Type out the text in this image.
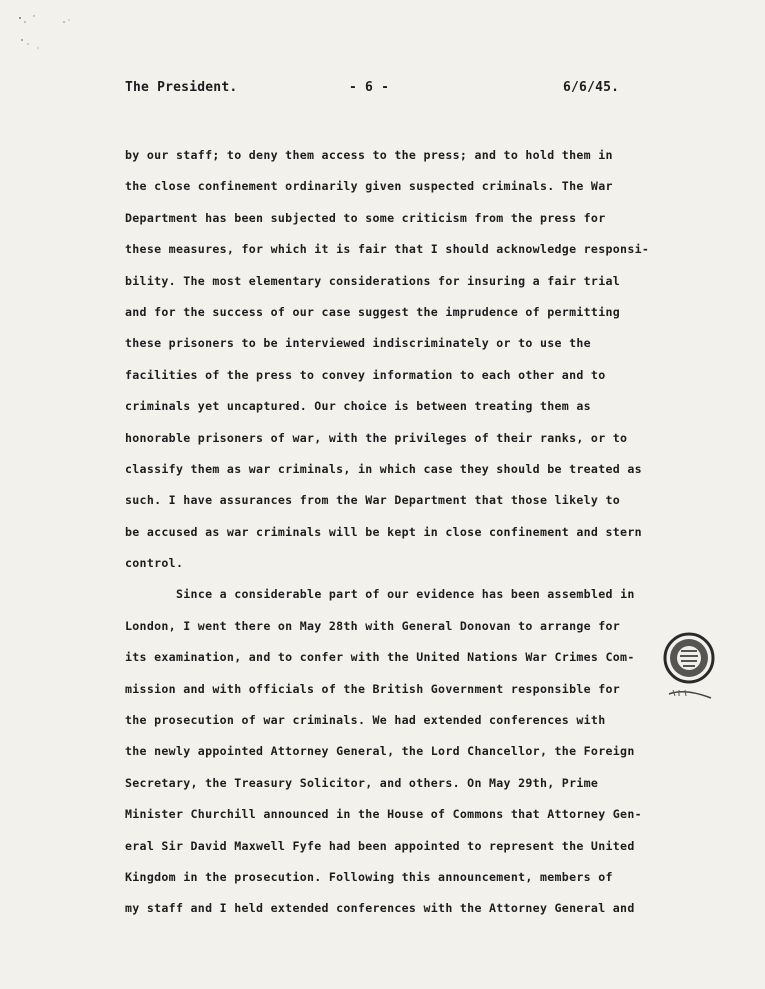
The President.	- 6 -	6/6/45.
by our staff; to deny them access to the press; and to hold them in
the close confinement ordinarily given suspected criminals. The War
Department has been subjected to some criticism from the press for
these measures, for which it is fair that I should acknowledge responsi-
bility. The most elementary considerations for insuring a fair trial
and for the success of our case suggest the imprudence of permitting
these prisoners to be interviewed indiscriminately or to use the
facilities of the press to convey information to each other and to
criminals yet uncaptured. Our choice is between treating them as
honorable prisoners of war, with the privileges of their ranks, or to
classify them as war criminals, in which case they should be treated as
such. I have assurances from the War Department that those likely to
be accused as war criminals will be kept in close confinement and stern
control.
Since a considerable part of our evidence has been assembled in
London, I went there on May 28th with General Donovan to arrange for
its examination, and to confer with the United Nations War Crimes Com-
mission and with officials of the British Government responsible for
the prosecution of war criminals. We had extended conferences with
the newly appointed Attorney General, the Lord Chancellor, the Foreign
Secretary, the Treasury Solicitor, and others. On May 29th, Prime
Minister Churchill announced in the House of Commons that Attorney Gen-
eral Sir David Maxwell Fyfe had been appointed to represent the United
Kingdom in the prosecution. Following this announcement, members of
my staff and I held extended conferences with the Attorney General and
